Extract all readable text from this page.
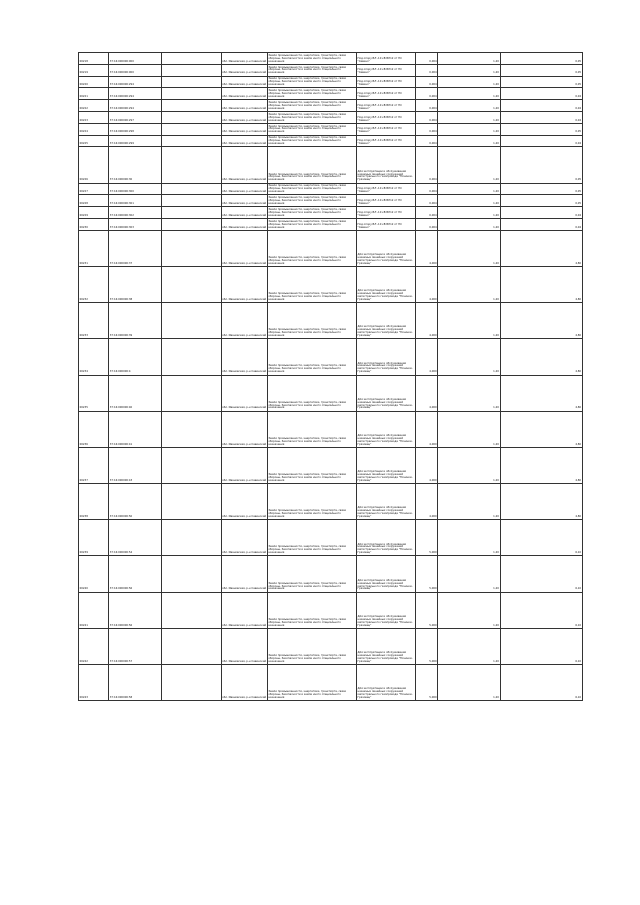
00218	37:16:000000:000		обл. Ивановская, р-н Савинский	Земли промышленности, энергетики, транспорта, связи обороны, безопасности и земли иного специального назначения	Под опору ВЛ -10 кВ ВЛ12 от ПС "Савино"	0,004	1,20	0,05
00219	37:16:000000:000		обл. Ивановская, р-н Савинский	Земли промышленности, энергетики, транспорта, связи обороны, безопасности и земли иного специального назначения	Под опору ВЛ -10 кВ ВЛ12 от ПС "Савино"	0,004	1,20	0,05
00220	37:16:000000:294		обл. Ивановская, р-н Савинский	Земли промышленности, энергетики, транспорта, связи обороны, безопасности и земли иного специального назначения	Под опору ВЛ -10 кВ ВЛ12 от ПС "Савино"	0,004	1,20	0,05
00221	37:16:000000:294		обл. Ивановская, р-н Савинский	Земли промышленности, энергетики, транспорта, связи обороны, безопасности и земли иного специального назначения	Под опору ВЛ -10 кВ ВЛ12 от ПС "Савино"	0,004	1,20	0,04
00222	37:16:000000:294		обл. Ивановская, р-н Савинский	Земли промышленности, энергетики, транспорта, связи обороны, безопасности и земли иного специального назначения	Под опору ВЛ -10 кВ ВЛ12 от ПС "Савино"	0,004	1,20	0,04
00223	37:16:000000:297		обл. Ивановская, р-н Савинский	Земли промышленности, энергетики, транспорта, связи обороны, безопасности и земли иного специального назначения	Под опору ВЛ -10 кВ ВЛ12 от ПС "Савино"	0,004	1,20	0,04
00224	37:16:000000:298		обл. Ивановская, р-н Савинский	Земли промышленности, энергетики, транспорта, связи обороны, безопасности и земли иного специального назначения	Под опору ВЛ -10 кВ ВЛ12 от ПС "Савино"	0,004	1,20	0,05
00225	37:16:000000:299		обл. Ивановская, р-н Савинский	Земли промышленности, энергетики, транспорта, связи обороны, безопасности и земли иного специального назначения	Под опору ВЛ -10 кВ ВЛ12 от ПС "Савино"	0,004	1,20	0,04
00226	37:16:000000:30		обл. Ивановская, р-н Савинский	Земли промышленности, энергетики, транспорта, связи обороны, безопасности и земли иного специального назначения	Для эксплуатации и обслуживания наземных линейных сооружений магистрального газопровода "Починки-Грязовец"	0,004	1,20	0,05
00227	37:16:000000:300		обл. Ивановская, р-н Савинский	Земли промышленности, энергетики, транспорта, связи обороны, безопасности и земли иного специального назначения	Под опору ВЛ -10 кВ ВЛ12 от ПС "Савино"	0,004	1,20	0,05
00228	37:16:000000:301		обл. Ивановская, р-н Савинский	Земли промышленности, энергетики, транспорта, связи обороны, безопасности и земли иного специального назначения	Под опору ВЛ -10 кВ ВЛ12 от ПС "Савино"	0,004	1,20	0,05
00229	37:16:000000:302		обл. Ивановская, р-н Савинский	Земли промышленности, энергетики, транспорта, связи обороны, безопасности и земли иного специального назначения	Под опору ВЛ -10 кВ ВЛ12 от ПС "Савино"	0,004	1,20	0,04
00230	37:16:000000:303		обл. Ивановская, р-н Савинский	Земли промышленности, энергетики, транспорта, связи обороны, безопасности и земли иного специального назначения	Под опору ВЛ -10 кВ ВЛ12 от ПС "Савино"	0,004	1,20	0,04
00231	37:16:000000:37		обл. Ивановская, р-н Савинский	Земли промышленности, энергетики, транспорта, связи обороны, безопасности и земли иного специального назначения	Для эксплуатации и обслуживания наземных линейных сооружений магистрального газопровода "Починки-Грязовец"	4,000	1,20	4,80
00232	37:16:000000:38		обл. Ивановская, р-н Савинский	Земли промышленности, энергетики, транспорта, связи обороны, безопасности и земли иного специального назначения	Для эксплуатации и обслуживания наземных линейных сооружений магистрального газопровода "Починки-Грязовец"	4,000	1,20	4,80
00233	37:16:000000:39		обл. Ивановская, р-н Савинский	Земли промышленности, энергетики, транспорта, связи обороны, безопасности и земли иного специального назначения	Для эксплуатации и обслуживания наземных линейных сооружений магистрального газопровода "Починки-Грязовец"	4,000	1,20	4,80
00234	37:16:000000:4		обл. Ивановская, р-н Савинский	Земли промышленности, энергетики, транспорта, связи обороны, безопасности и земли иного специального назначения	Для эксплуатации и обслуживания наземных линейных сооружений магистрального газопровода "Починки-Грязовец"	4,000	1,20	4,80
00235	37:16:000000:40		обл. Ивановская, р-н Савинский	Земли промышленности, энергетики, транспорта, связи обороны, безопасности и земли иного специального назначения	Для эксплуатации и обслуживания наземных линейных сооружений магистрального газопровода "Починки-Грязовец"	4,000	1,20	4,80
00236	37:16:000000:41		обл. Ивановская, р-н Савинский	Земли промышленности, энергетики, транспорта, связи обороны, безопасности и земли иного специального назначения	Для эксплуатации и обслуживания наземных линейных сооружений магистрального газопровода "Починки-Грязовец"	4,000	1,20	4,80
00237	37:16:000000:43		обл. Ивановская, р-н Савинский	Земли промышленности, энергетики, транспорта, связи обороны, безопасности и земли иного специального назначения	Для эксплуатации и обслуживания наземных линейных сооружений магистрального газопровода "Починки-Грязовец"	4,000	1,20	4,80
00238	37:16:000000:50		обл. Ивановская, р-н Савинский	Земли промышленности, энергетики, транспорта, связи обороны, безопасности и земли иного специального назначения	Для эксплуатации и обслуживания наземных линейных сооружений магистрального газопровода "Починки-Грязовец"	4,000	1,20	4,80
00239	37:16:000000:54		обл. Ивановская, р-н Савинский	Земли промышленности, энергетики, транспорта, связи обороны, безопасности и земли иного специального назначения	Для эксплуатации и обслуживания наземных линейных сооружений магистрального газопровода "Починки-Грязовец"	5,000	1,20	6,10
00240	37:16:000000:56		обл. Ивановская, р-н Савинский	Земли промышленности, энергетики, транспорта, связи обороны, безопасности и земли иного специального назначения	Для эксплуатации и обслуживания наземных линейных сооружений магистрального газопровода "Починки-Грязовец"	5,000	1,20	6,10
00241	37:16:000000:56		обл. Ивановская, р-н Савинский	Земли промышленности, энергетики, транспорта, связи обороны, безопасности и земли иного специального назначения	Для эксплуатации и обслуживания наземных линейных сооружений магистрального газопровода "Починки-Грязовец"	5,000	1,20	6,10
00242	37:16:000000:57		обл. Ивановская, р-н Савинский	Земли промышленности, энергетики, транспорта, связи обороны, безопасности и земли иного специального назначения	Для эксплуатации и обслуживания наземных линейных сооружений магистрального газопровода "Починки-Грязовец"	5,000	1,20	6,10
00243	37:16:000000:58		обл. Ивановская, р-н Савинский	Земли промышленности, энергетики, транспорта, связи обороны, безопасности и земли иного специального назначения	Для эксплуатации и обслуживания наземных линейных сооружений магистрального газопровода "Починки-Грязовец"	5,000	1,20	6,10
